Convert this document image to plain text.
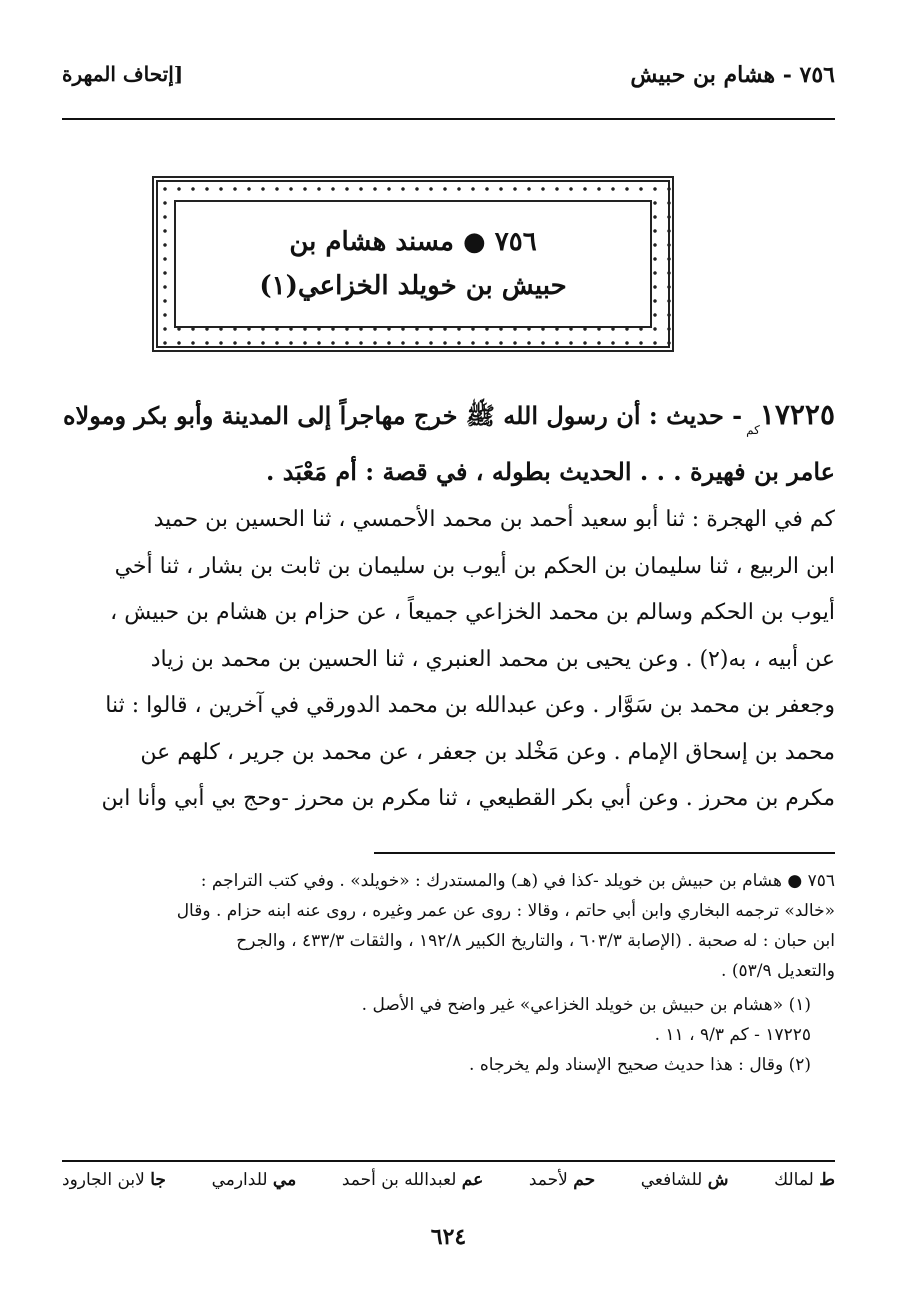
٧٥٦ - هشام بن حبيش
[إتحاف المهرة
٧٥٦ ● مسند هشام بن
حبيش بن خويلد الخزاعي(١)
$١٧٢٢٥_{كم}-$ حديث : أن رسول الله ﷺ خرج مهاجراً إلى المدينة وأبو بكر ومولاه
عامر بن فهيرة . . . الحديث بطوله ، في قصة : أم مَعْبَد .
كم في الهجرة : ثنا أبو سعيد أحمد بن محمد الأحمسي ، ثنا الحسين بن حميد
ابن الربيع ، ثنا سليمان بن الحكم بن أيوب بن سليمان بن ثابت بن بشار ، ثنا أخي
أيوب بن الحكم وسالم بن محمد الخزاعي جميعاً ، عن حزام بن هشام بن حبيش ،
عن أبيه ، به(٢) . وعن يحيى بن محمد العنبري ، ثنا الحسين بن محمد بن زياد
وجعفر بن محمد بن سَوَّار . وعن عبدالله بن محمد الدورقي في آخرين ، قالوا : ثنا
محمد بن إسحاق الإمام . وعن مَخْلد بن جعفر ، عن محمد بن جرير ، كلهم عن
مكرم بن محرز . وعن أبي بكر القطيعي ، ثنا مكرم بن محرز -وحج بي أبي وأنا ابن
٧٥٦ ● هشام بن حبيش بن خويلد -كذا في (هـ) والمستدرك : «خويلد» . وفي كتب التراجم :
«خالد» ترجمه البخاري وابن أبي حاتم ، وقالا : روى عن عمر وغيره ، روى عنه ابنه حزام . وقال
ابن حبان : له صحبة . (الإصابة ٦٠٣/٣ ، والتاريخ الكبير ١٩٢/٨ ، والثقات ٤٣٣/٣ ، والجرح
والتعديل ٥٣/٩) .
(١) «هشام بن حبيش بن خويلد الخزاعي» غير واضح في الأصل .
١٧٢٢٥ - كم ٩/٣ ، ١١ .
(٢) وقال : هذا حديث صحيح الإسناد ولم يخرجاه .
ط لمالك
ش للشافعي
حم لأحمد
عم لعبدالله بن أحمد
مي للدارمي
جا لابن الجارود
٦٢٤
